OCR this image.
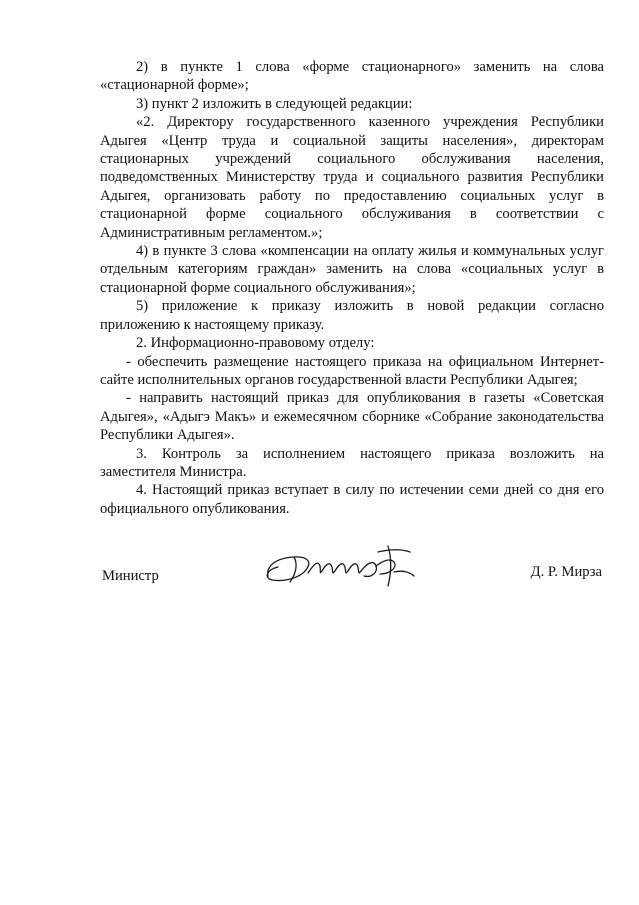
2) в пункте 1 слова «форме стационарного» заменить на слова «стационарной форме»;

3) пункт 2 изложить в следующей редакции:

«2. Директору государственного казенного учреждения Республики Адыгея «Центр труда и социальной защиты населения», директорам стационарных учреждений социального обслуживания населения, подведомственных Министерству труда и социального развития Республики Адыгея, организовать работу по предоставлению социальных услуг в стационарной форме социального обслуживания в соответствии с Административным регламентом.»;

4) в пункте 3 слова «компенсации на оплату жилья и коммунальных услуг отдельным категориям граждан» заменить на слова «социальных услуг в стационарной форме социального обслуживания»;

5) приложение к приказу изложить в новой редакции согласно приложению к настоящему приказу.

2. Информационно-правовому отделу:

- обеспечить размещение настоящего приказа на официальном Интернет-сайте исполнительных органов государственной власти Республики Адыгея;

- направить настоящий приказ для опубликования в газеты «Советская Адыгея», «Адыгэ Макъ» и ежемесячном сборнике «Собрание законодательства Республики Адыгея».

3. Контроль за исполнением настоящего приказа возложить на заместителя Министра.

4. Настоящий приказ вступает в силу по истечении семи дней со дня его официального опубликования.

Министр	Д. Р. Мирза
